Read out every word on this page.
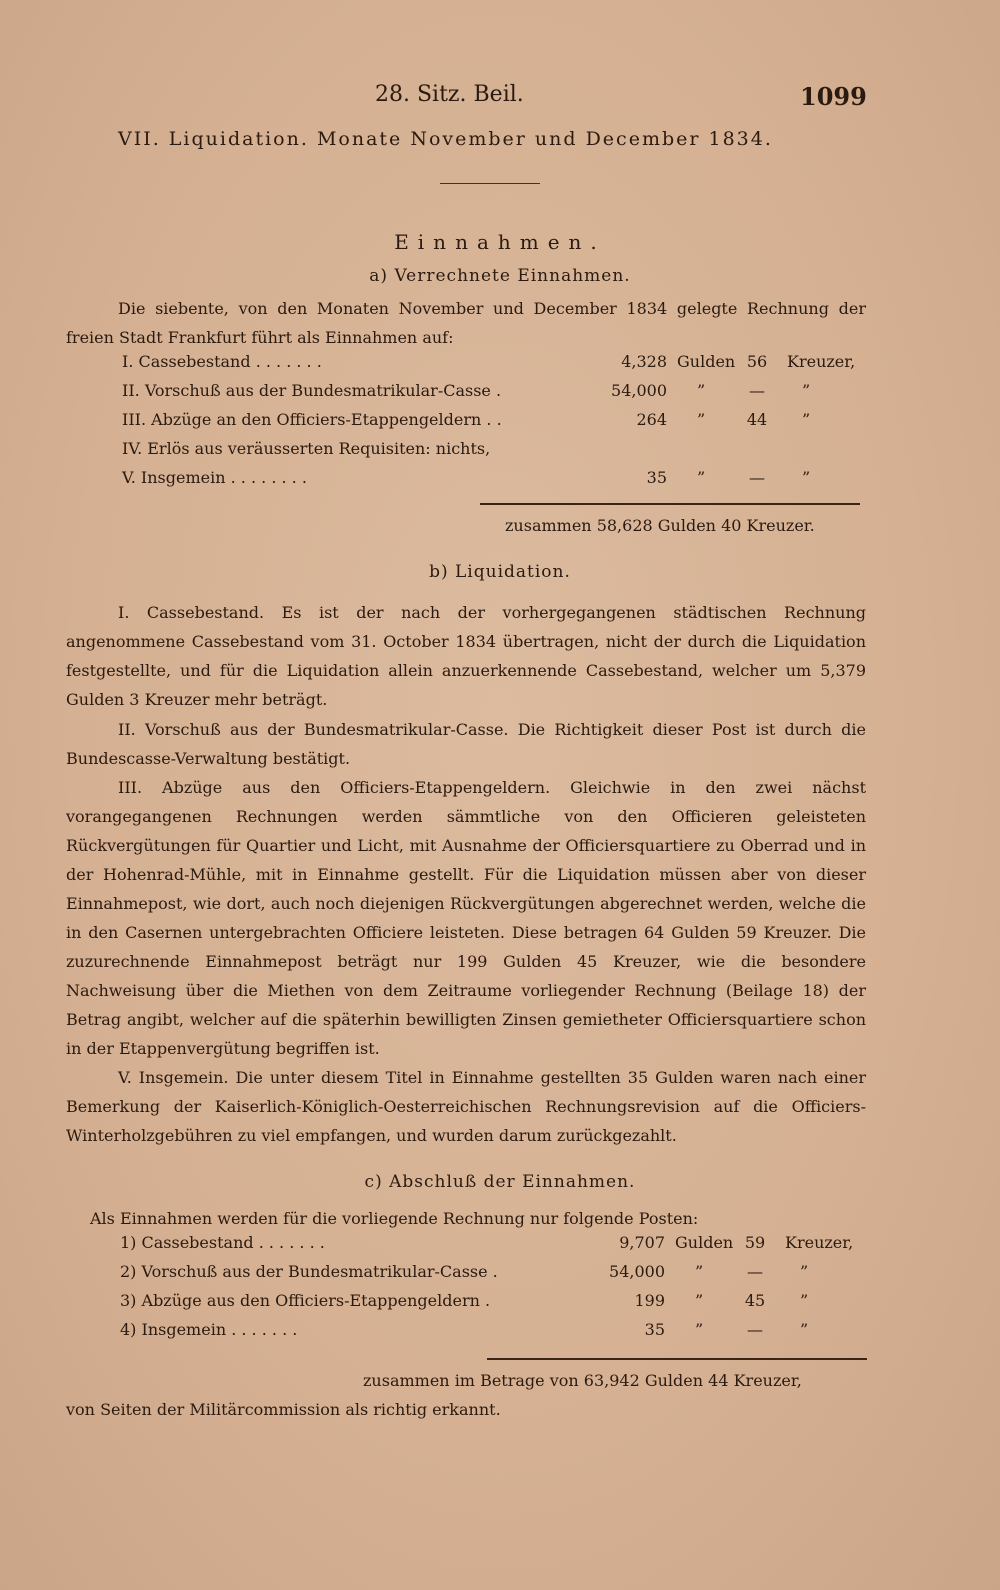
28. Sitz. Beil.	1099
VII. Liquidation. Monate November und December 1834.
Einnahmen.
a) Verrechnete Einnahmen.
Die siebente, von den Monaten November und December 1834 gelegte Rechnung der freien Stadt Frankfurt führt als Einnahmen auf:
I. Cassebestand . . . . . . .	4,328 Gulden 56	Kreuzer,
II. Vorschuß aus der Bundesmatrikular-Casse .	54,000 ”	—	”
III. Abzüge an den Officiers-Etappengeldern . .	264 ”	44	”
IV. Erlös aus veräusserten Requisiten: nichts,
V. Insgemein . . . . . . . .	35 ”	—	”
zusammen 58,628 Gulden 40 Kreuzer.
b) Liquidation.
I. Cassebestand. Es ist der nach der vorhergegangenen städtischen Rechnung angenommene Cassebestand vom 31. October 1834 übertragen, nicht der durch die Liquidation festgestellte, und für die Liquidation allein anzuerkennende Cassebestand, welcher um 5,379 Gulden 3 Kreuzer mehr beträgt.
II. Vorschuß aus der Bundesmatrikular-Casse. Die Richtigkeit dieser Post ist durch die Bundescasse-Verwaltung bestätigt.
III. Abzüge aus den Officiers-Etappengeldern. Gleichwie in den zwei nächst vorangegangenen Rechnungen werden sämmtliche von den Officieren geleisteten Rückvergütungen für Quartier und Licht, mit Ausnahme der Officiersquartiere zu Oberrad und in der Hohenrad-Mühle, mit in Einnahme gestellt. Für die Liquidation müssen aber von dieser Einnahmepost, wie dort, auch noch diejenigen Rückvergütungen abgerechnet werden, welche die in den Casernen untergebrachten Officiere leisteten. Diese betragen 64 Gulden 59 Kreuzer. Die zuzurechnende Einnahmepost beträgt nur 199 Gulden 45 Kreuzer, wie die besondere Nachweisung über die Miethen von dem Zeitraume vorliegender Rechnung (Beilage 18) der Betrag angibt, welcher auf die späterhin bewilligten Zinsen gemietheter Officiersquartiere schon in der Etappenvergütung begriffen ist.
V. Insgemein. Die unter diesem Titel in Einnahme gestellten 35 Gulden waren nach einer Bemerkung der Kaiserlich-Königlich-Oesterreichischen Rechnungsrevision auf die Officiers-Winterholzgebühren zu viel empfangen, und wurden darum zurückgezahlt.
c) Abschluß der Einnahmen.
Als Einnahmen werden für die vorliegende Rechnung nur folgende Posten:
1) Cassebestand . . . . . . .	9,707 Gulden 59	Kreuzer,
2) Vorschuß aus der Bundesmatrikular-Casse .	54,000 ”	—	”
3) Abzüge aus den Officiers-Etappengeldern .	199 ”	45	”
4) Insgemein . . . . . . .	35 ”	—	”
zusammen im Betrage von 63,942 Gulden 44 Kreuzer,
von Seiten der Militärcommission als richtig erkannt.
